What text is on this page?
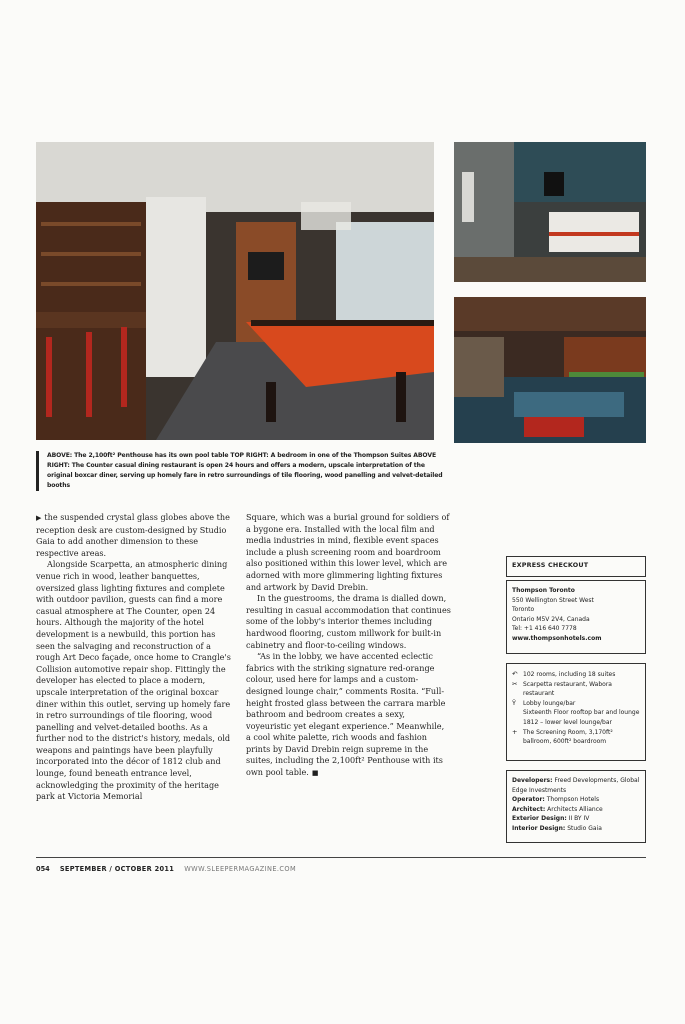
ABOVE: The 2,100ft² Penthouse has its own pool table TOP RIGHT: A bedroom in one of the Thompson Suites ABOVE RIGHT: The Counter casual dining restaurant is open 24 hours and offers a modern, upscale interpretation of the original boxcar diner, serving up homely fare in retro surroundings of tile flooring, wood panelling and velvet-detailed booths

▶ the suspended crystal glass globes above the reception desk are custom-designed by Studio Gaia to add another dimension to these respective areas.

Alongside Scarpetta, an atmospheric dining venue rich in wood, leather banquettes, oversized glass lighting fixtures and complete with outdoor pavilion, guests can find a more casual atmosphere at The Counter, open 24 hours. Although the majority of the hotel development is a newbuild, this portion has seen the salvaging and reconstruction of a rough Art Deco façade, once home to Crangle's Collision automotive repair shop. Fittingly the developer has elected to place a modern, upscale interpretation of the original boxcar diner within this outlet, serving up homely fare in retro surroundings of tile flooring, wood panelling and velvet-detailed booths. As a further nod to the district's history, medals, old weapons and paintings have been playfully incorporated into the décor of 1812 club and lounge, found beneath entrance level, acknowledging the proximity of the heritage park at Victoria Memorial

Square, which was a burial ground for soldiers of a bygone era. Installed with the local film and media industries in mind, flexible event spaces include a plush screening room and boardroom also positioned within this lower level, which are adorned with more glimmering lighting fixtures and artwork by David Drebin.

In the guestrooms, the drama is dialled down, resulting in casual accommodation that continues some of the lobby's interior themes including hardwood flooring, custom millwork for built-in cabinetry and floor-to-ceiling windows.

“As in the lobby, we have accented eclectic fabrics with the striking signature red-orange colour, used here for lamps and a custom-designed lounge chair,” comments Rosita. “Full-height frosted glass between the carrara marble bathroom and bedroom creates a sexy, voyeuristic yet elegant experience.” Meanwhile, a cool white palette, rich woods and fashion prints by David Drebin reign supreme in the suites, including the 2,100ft² Penthouse with its own pool table. ■

EXPRESS CHECKOUT
Thompson Toronto
550 Wellington Street West
Toronto
Ontario M5V 2V4, Canada
Tel: +1 416 640 7778
www.thompsonhotels.com
↶ 102 rooms, including 18 suites
✂ Scarpetta restaurant, Wabora restaurant
Ŷ	Lobby lounge/bar
Sixteenth Floor rooftop bar and lounge
1812 – lower level lounge/bar
+ The Screening Room, 3,170ft² ballroom, 600ft² boardroom
Developers: Freed Developments, Global Edge Investments
Operator: Thompson Hotels
Architect: Architects Alliance
Exterior Design: II BY IV
Interior Design: Studio Gaia
054 SEPTEMBER / OCTOBER 2011 WWW.SLEEPERMAGAZINE.COM
